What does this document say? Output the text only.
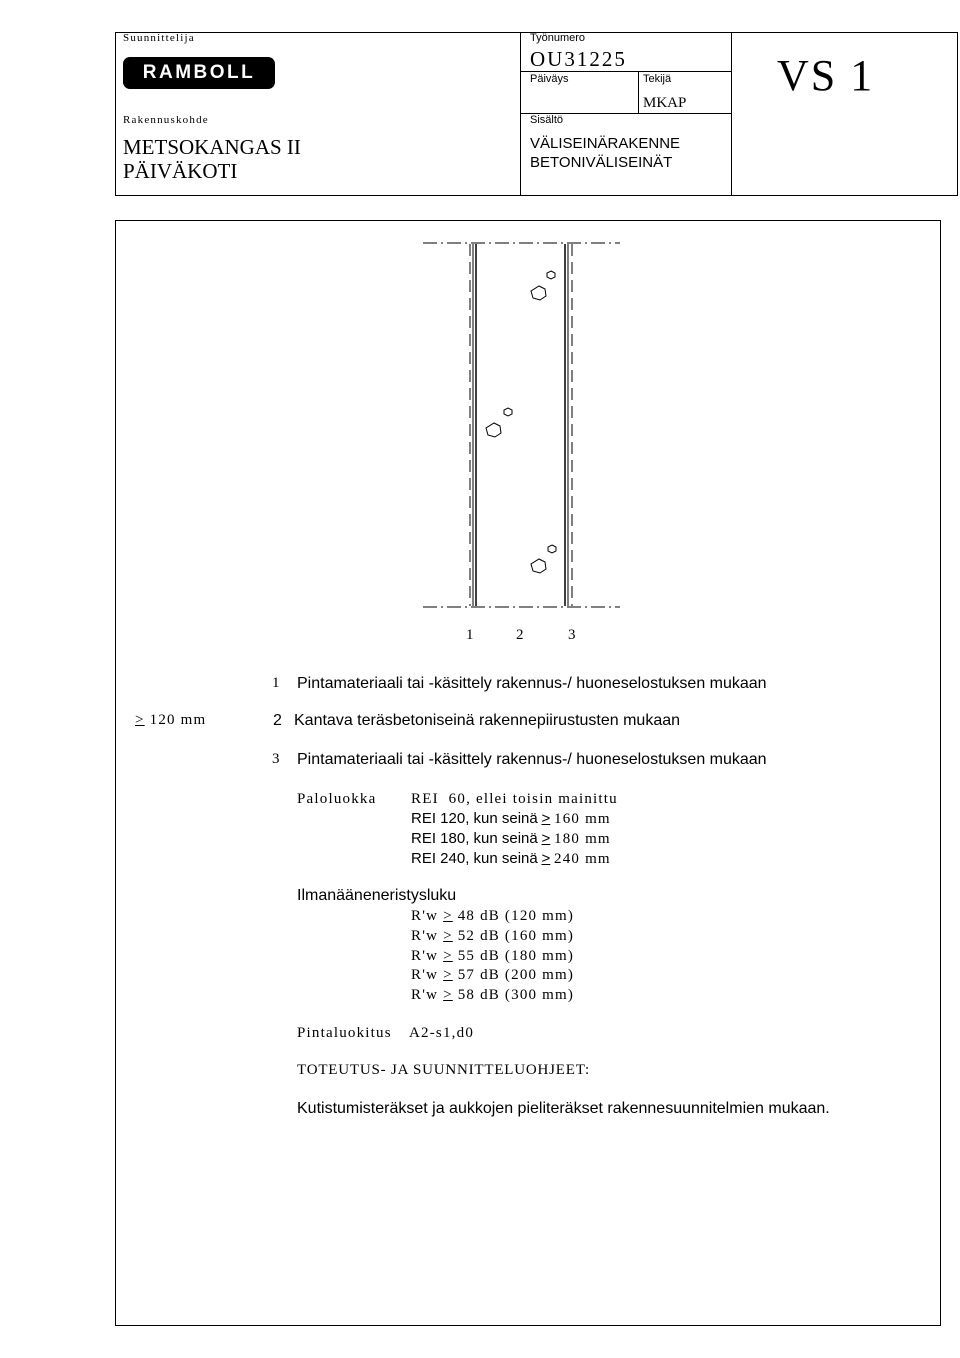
Suunnittelija
RAMBOLL
Rakennuskohde
METSOKANGAS II
PÄIVÄKOTI
Työnumero
OU31225
Päiväys	Tekijä
MKAP
Sisältö
VÄLISEINÄRAKENNE
BETONIVÄLISEINÄT
VS 1
1	2	3
1 Pintamateriaali tai -käsittely rakennus-/ huoneselostuksen mukaan
> 120 mm	2 Kantava teräsbetoniseinä rakennepiirustusten mukaan
3 Pintamateriaali tai -käsittely rakennus-/ huoneselostuksen mukaan
Paloluokka REI  60, ellei toisin mainittu
REI 120, kun seinä > 160 mm
REI 180, kun seinä > 180 mm
REI 240, kun seinä > 240 mm
Ilmanääneneristysluku
R'w > 48 dB (120 mm)
R'w > 52 dB (160 mm)
R'w > 55 dB (180 mm)
R'w > 57 dB (200 mm)
R'w > 58 dB (300 mm)
Pintaluokitus A2-s1,d0
TOTEUTUS- JA SUUNNITTELUOHJEET:
Kutistumisteräkset ja aukkojen pieliteräkset rakennesuunnitelmien mukaan.
